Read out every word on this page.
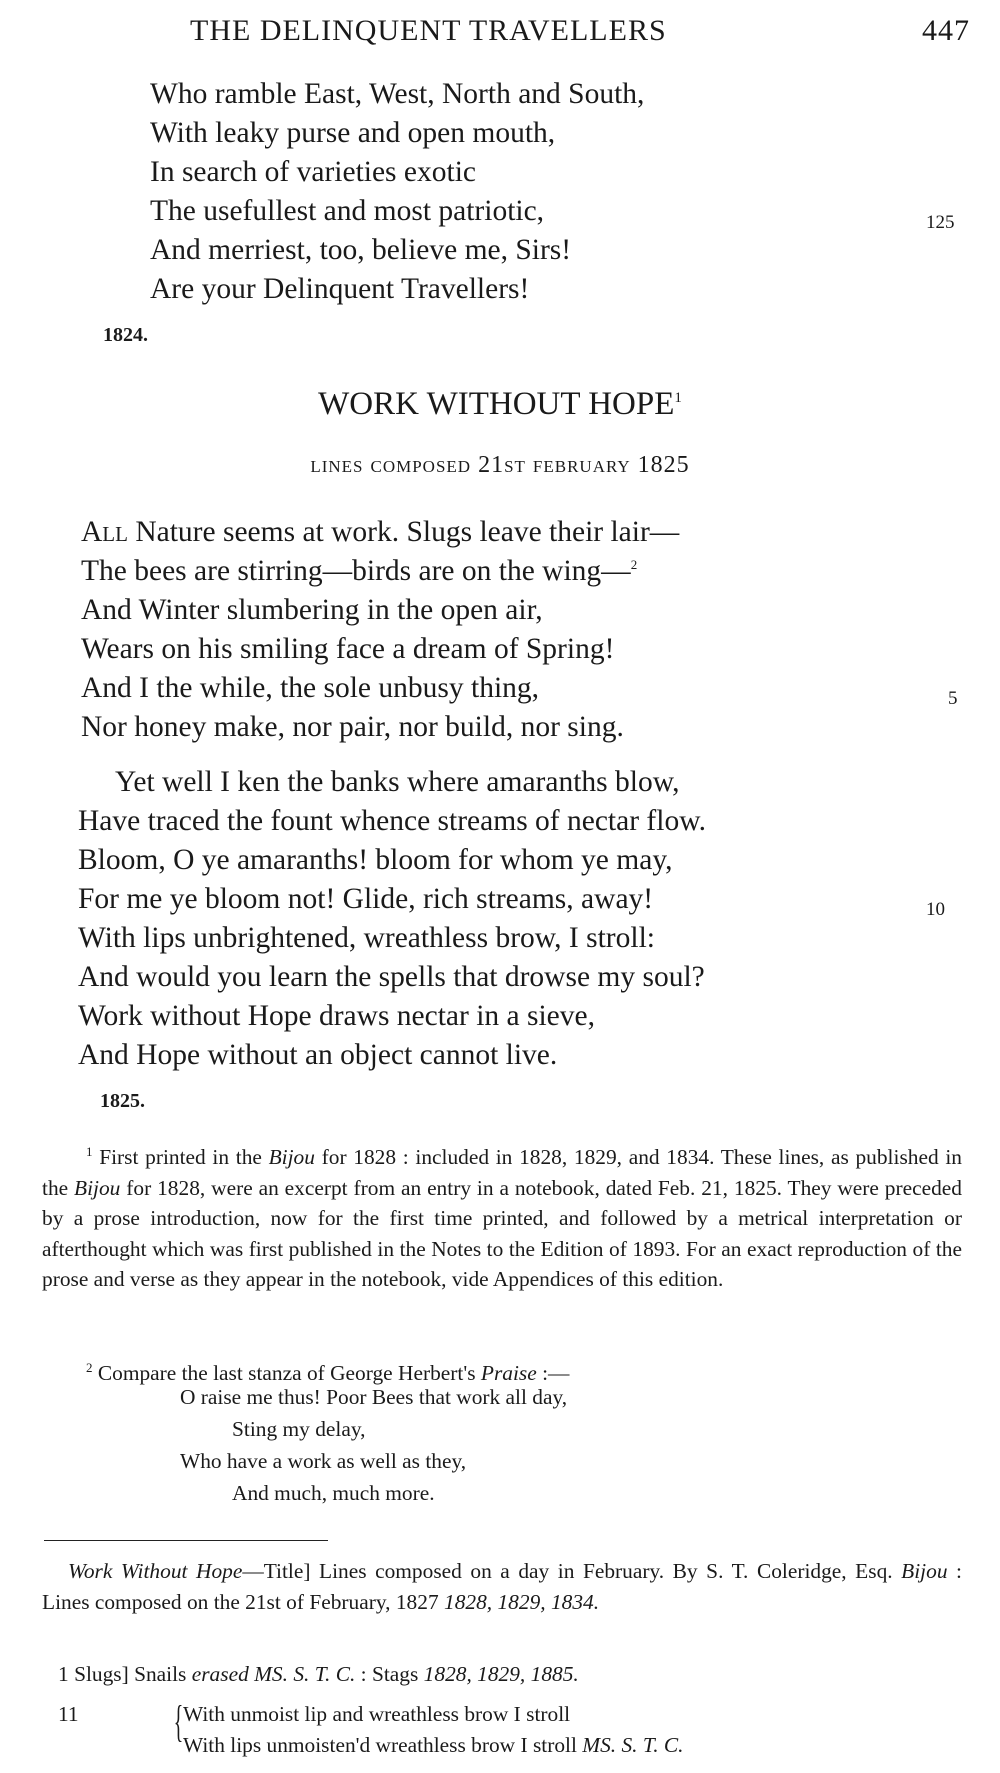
THE DELINQUENT TRAVELLERS	447
Who ramble East, West, North and South,
With leaky purse and open mouth,
In search of varieties exotic
The usefullest and most patriotic,	125
And merriest, too, believe me, Sirs!
Are your Delinquent Travellers!
1824.
WORK WITHOUT HOPE$^1$
lines composed 21st february 1825
All Nature seems at work. Slugs leave their lair—
The bees are stirring—birds are on the wing—$^2$
And Winter slumbering in the open air,
Wears on his smiling face a dream of Spring!
And I the while, the sole unbusy thing,	5
Nor honey make, nor pair, nor build, nor sing.
Yet well I ken the banks where amaranths blow,
Have traced the fount whence streams of nectar flow.
Bloom, O ye amaranths! bloom for whom ye may,
For me ye bloom not! Glide, rich streams, away!	10
With lips unbrightened, wreathless brow, I stroll:
And would you learn the spells that drowse my soul?
Work without Hope draws nectar in a sieve,
And Hope without an object cannot live.
1825.
$^1$ First printed in the Bijou for 1828 : included in 1828, 1829, and 1834. These lines, as published in the Bijou for 1828, were an excerpt from an entry in a notebook, dated Feb. 21, 1825. They were preceded by a prose introduction, now for the first time printed, and followed by a metrical interpretation or afterthought which was first published in the Notes to the Edition of 1893. For an exact reproduction of the prose and verse as they appear in the notebook, vide Appendices of this edition.
$^2$ Compare the last stanza of George Herbert's Praise :—
O raise me thus! Poor Bees that work all day,
Sting my delay,
Who have a work as well as they,
And much, much more.
Work Without Hope—Title] Lines composed on a day in February. By S. T. Coleridge, Esq. Bijou : Lines composed on the 21st of February, 1827 1828, 1829, 1834.
1 Slugs] Snails erased MS. S. T. C. : Stags 1828, 1829, 1885.
11 { With unmoist lip and wreathless brow I stroll
With lips unmoisten'd wreathless brow I stroll MS. S. T. C.
